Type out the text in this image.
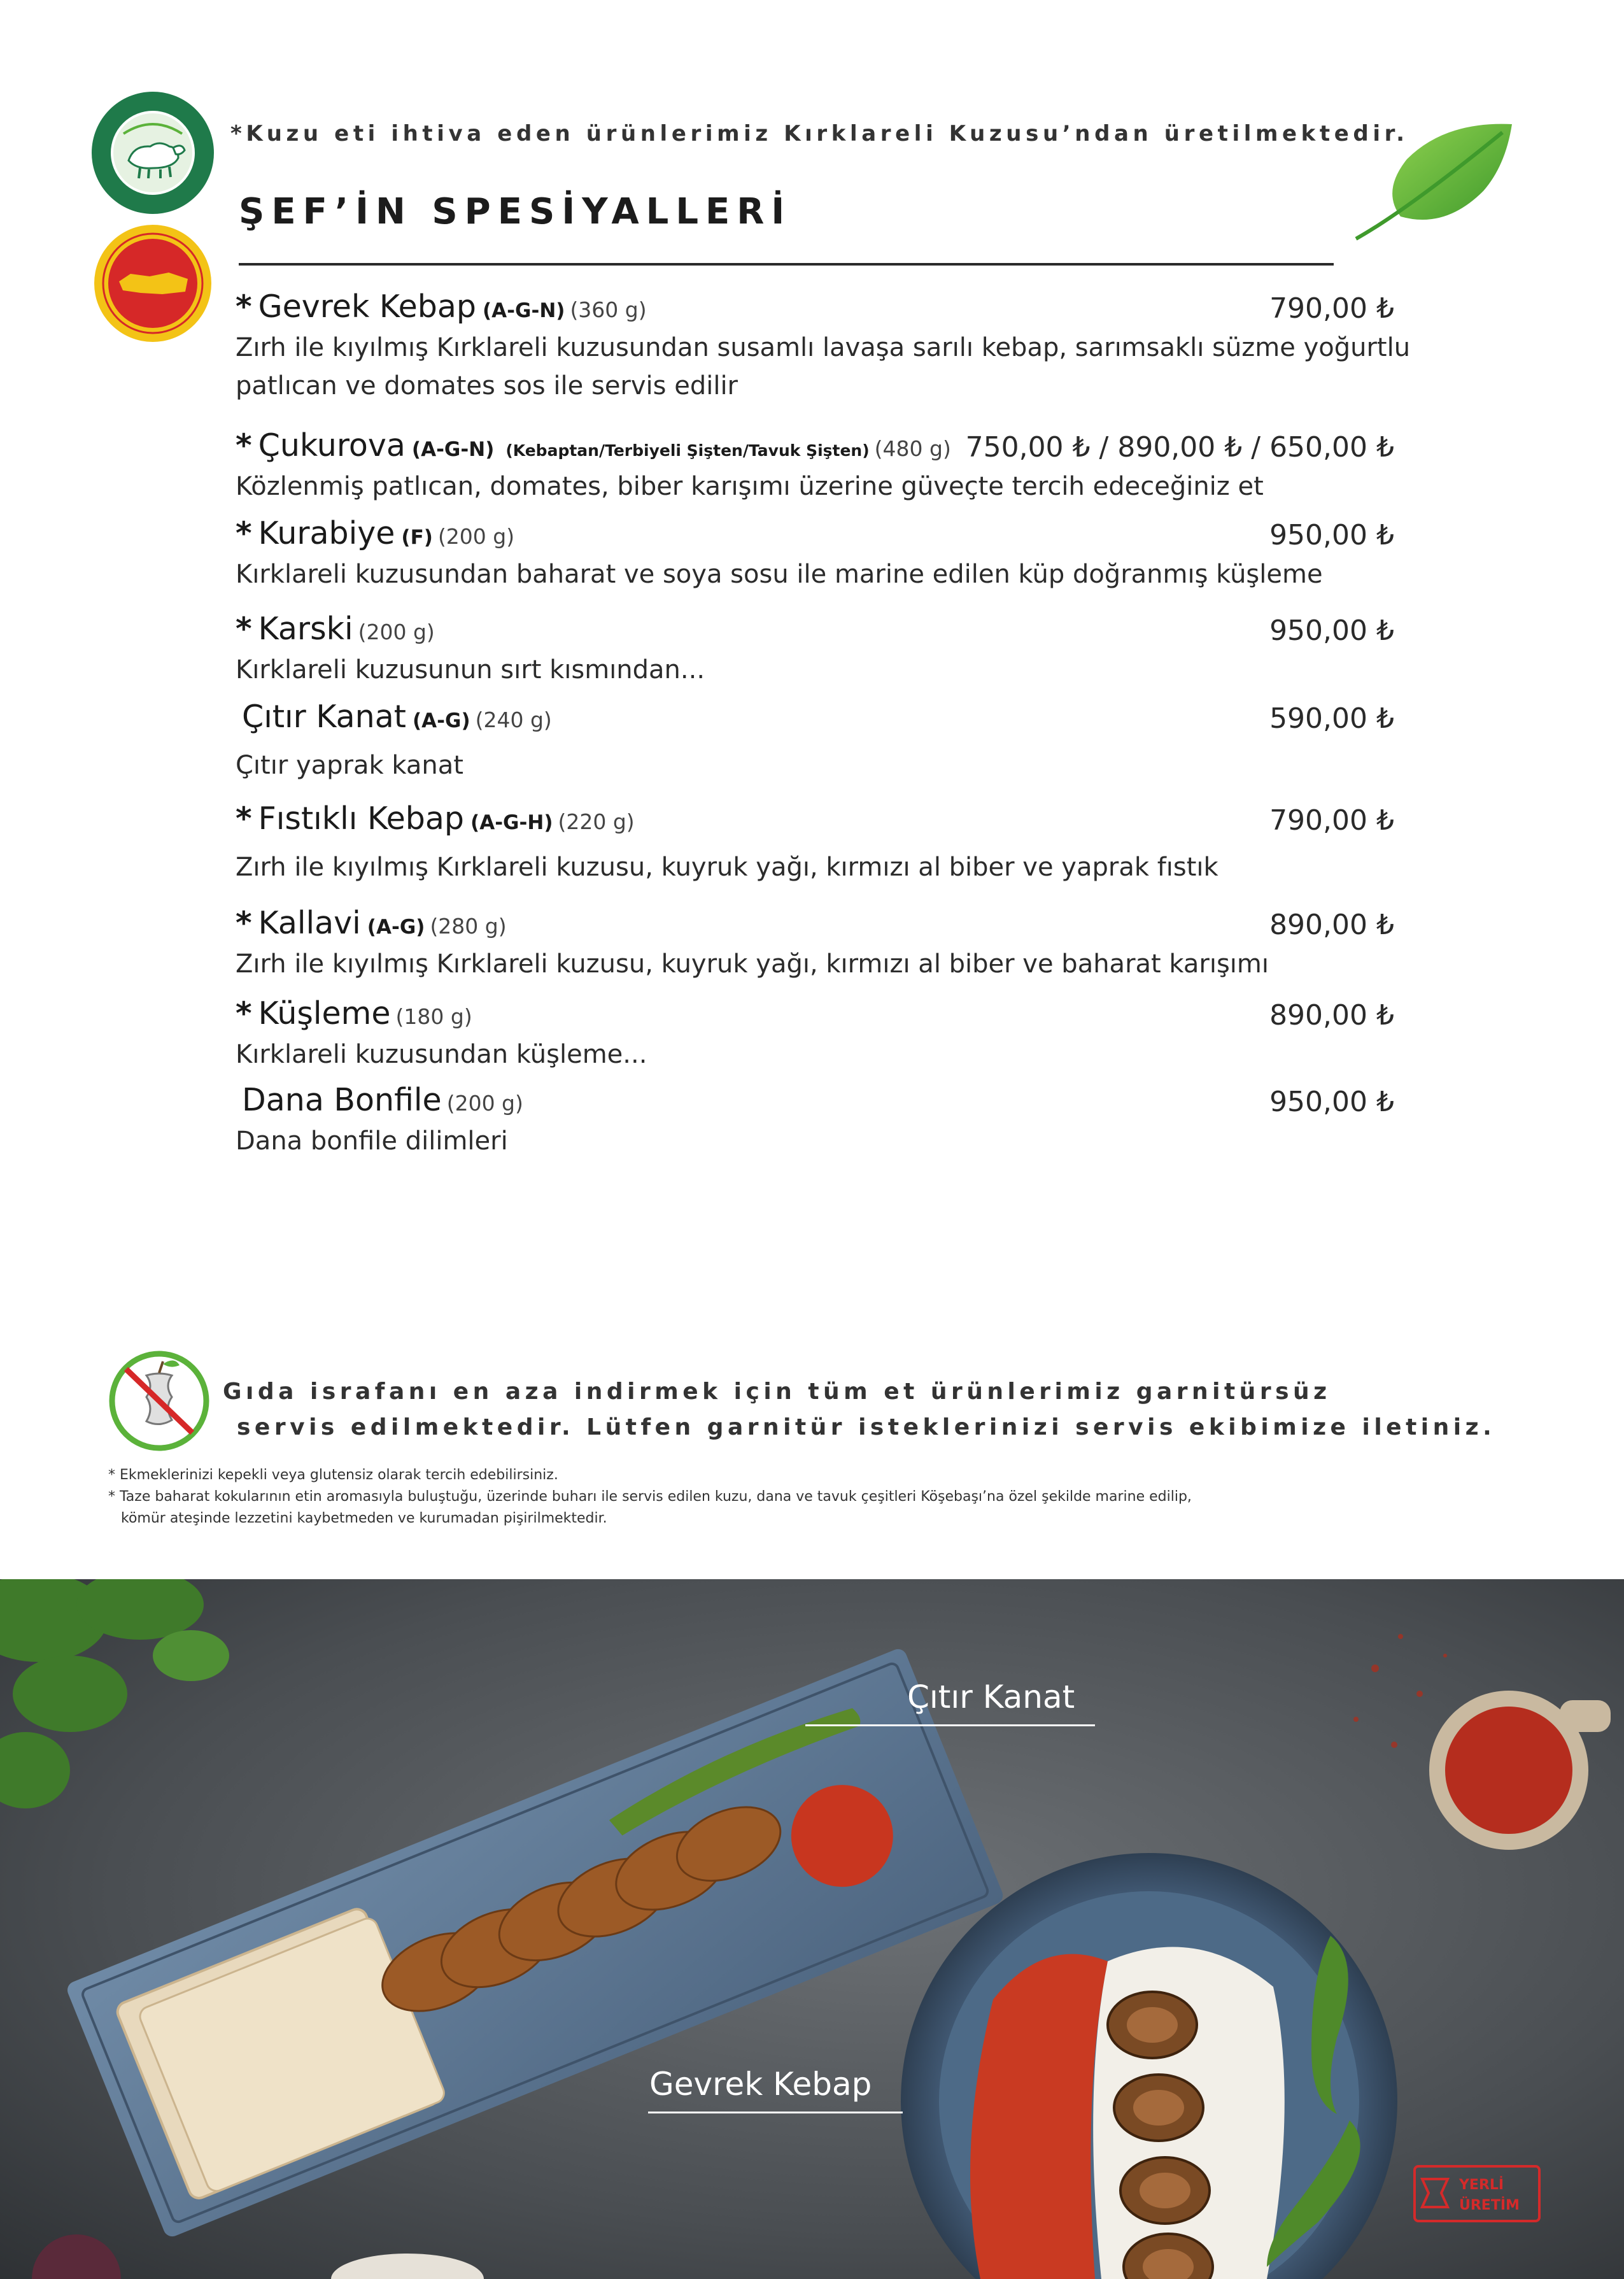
*Kuzu eti ihtiva eden ürünlerimiz Kırklareli Kuzusu’ndan üretilmektedir.
ŞEF’İN SPESİYALLERİ
* Gevrek Kebap (A-G-N) (360 g)	790,00 ₺
Zırh ile kıyılmış Kırklareli kuzusundan susamlı lavaşa sarılı kebap, sarımsaklı süzme yoğurtlu
patlıcan ve domates sos ile servis edilir
* Çukurova (A-G-N) (Kebaptan/Terbiyeli Şişten/Tavuk Şişten) (480 g) 750,00 ₺ / 890,00 ₺ / 650,00 ₺
Közlenmiş patlıcan, domates, biber karışımı üzerine güveçte tercih edeceğiniz et
* Kurabiye (F) (200 g)	950,00 ₺
Kırklareli kuzusundan baharat ve soya sosu ile marine edilen küp doğranmış küşleme
* Karski (200 g)	950,00 ₺
Kırklareli kuzusunun sırt kısmından...
Çıtır Kanat (A-G) (240 g)	590,00 ₺
Çıtır yaprak kanat
* Fıstıklı Kebap (A-G-H) (220 g)	790,00 ₺
Zırh ile kıyılmış Kırklareli kuzusu, kuyruk yağı, kırmızı al biber ve yaprak fıstık
* Kallavi (A-G) (280 g)	890,00 ₺
Zırh ile kıyılmış Kırklareli kuzusu, kuyruk yağı, kırmızı al biber ve baharat karışımı
* Küşleme (180 g)	890,00 ₺
Kırklareli kuzusundan küşleme...
Dana Bonfile (200 g)	950,00 ₺
Dana bonfile dilimleri
Gıda israfanı en aza indirmek için tüm et ürünlerimiz garnitürsüz
servis edilmektedir. Lütfen garnitür isteklerinizi servis ekibimize iletiniz.
* Ekmeklerinizi kepekli veya glutensiz olarak tercih edebilirsiniz.
* Taze baharat kokularının etin aromasıyla buluştuğu, üzerinde buharı ile servis edilen kuzu, dana ve tavuk çeşitleri Köşebaşı’na özel şekilde marine edilip,
kömür ateşinde lezzetini kaybetmeden ve kurumadan pişirilmektedir.
Çıtır Kanat
Gevrek Kebap
YERLİ
ÜRETİM
